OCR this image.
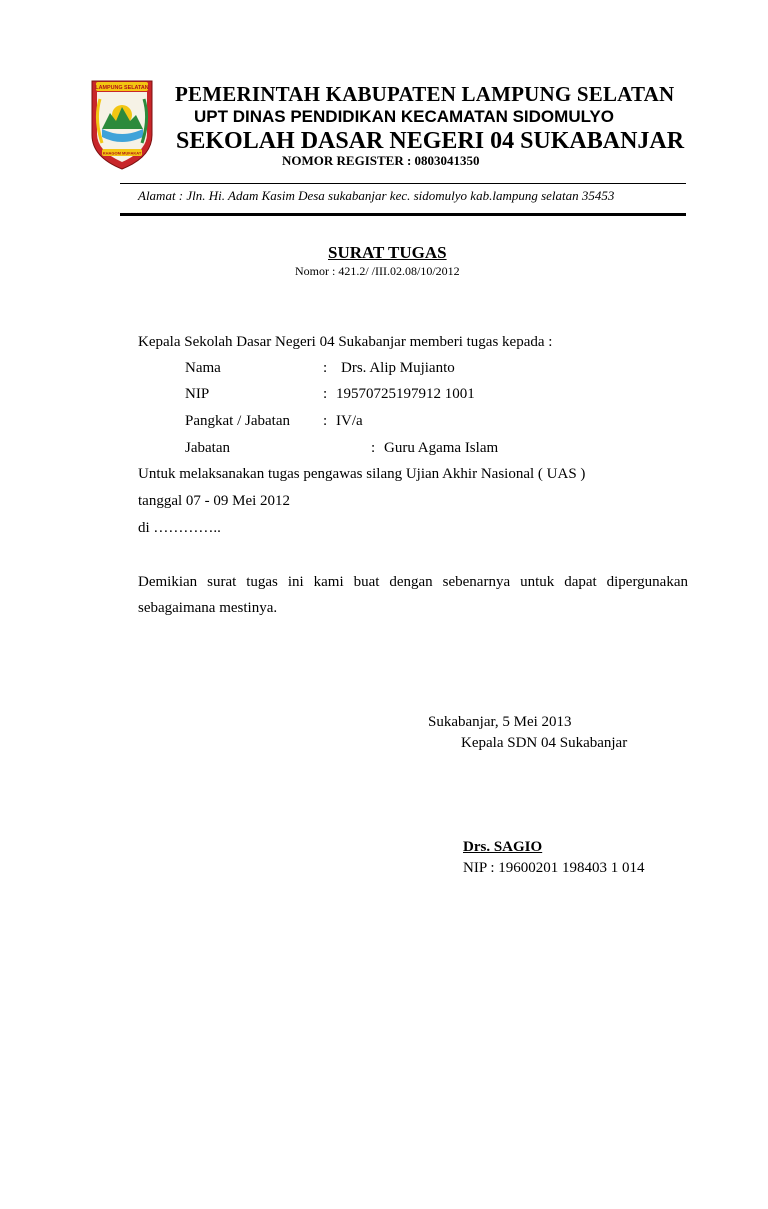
LAMPUNG SELATAN
KHAGOM MUFAKAT
PEMERINTAH KABUPATEN LAMPUNG SELATAN
UPT DINAS PENDIDIKAN KECAMATAN SIDOMULYO
SEKOLAH DASAR NEGERI 04 SUKABANJAR
NOMOR REGISTER : 0803041350
Alamat : Jln. Hi. Adam Kasim Desa sukabanjar kec. sidomulyo kab.lampung selatan 35453
SURAT TUGAS
Nomor : 421.2/ /III.02.08/10/2012
Kepala Sekolah Dasar Negeri 04 Sukabanjar memberi tugas kepada :
Nama	: Drs. Alip Mujianto
NIP	: 19570725197912 1001
Pangkat / Jabatan : IV/a
Jabatan	: Guru Agama Islam
Untuk melaksanakan tugas pengawas silang Ujian Akhir Nasional ( UAS )
tanggal 07 - 09 Mei 2012
di …………..
Demikian surat tugas ini kami buat dengan sebenarnya untuk dapat dipergunakan
sebagaimana mestinya.
Sukabanjar, 5 Mei 2013
Kepala SDN 04 Sukabanjar
Drs. SAGIO
NIP : 19600201 198403 1 014
